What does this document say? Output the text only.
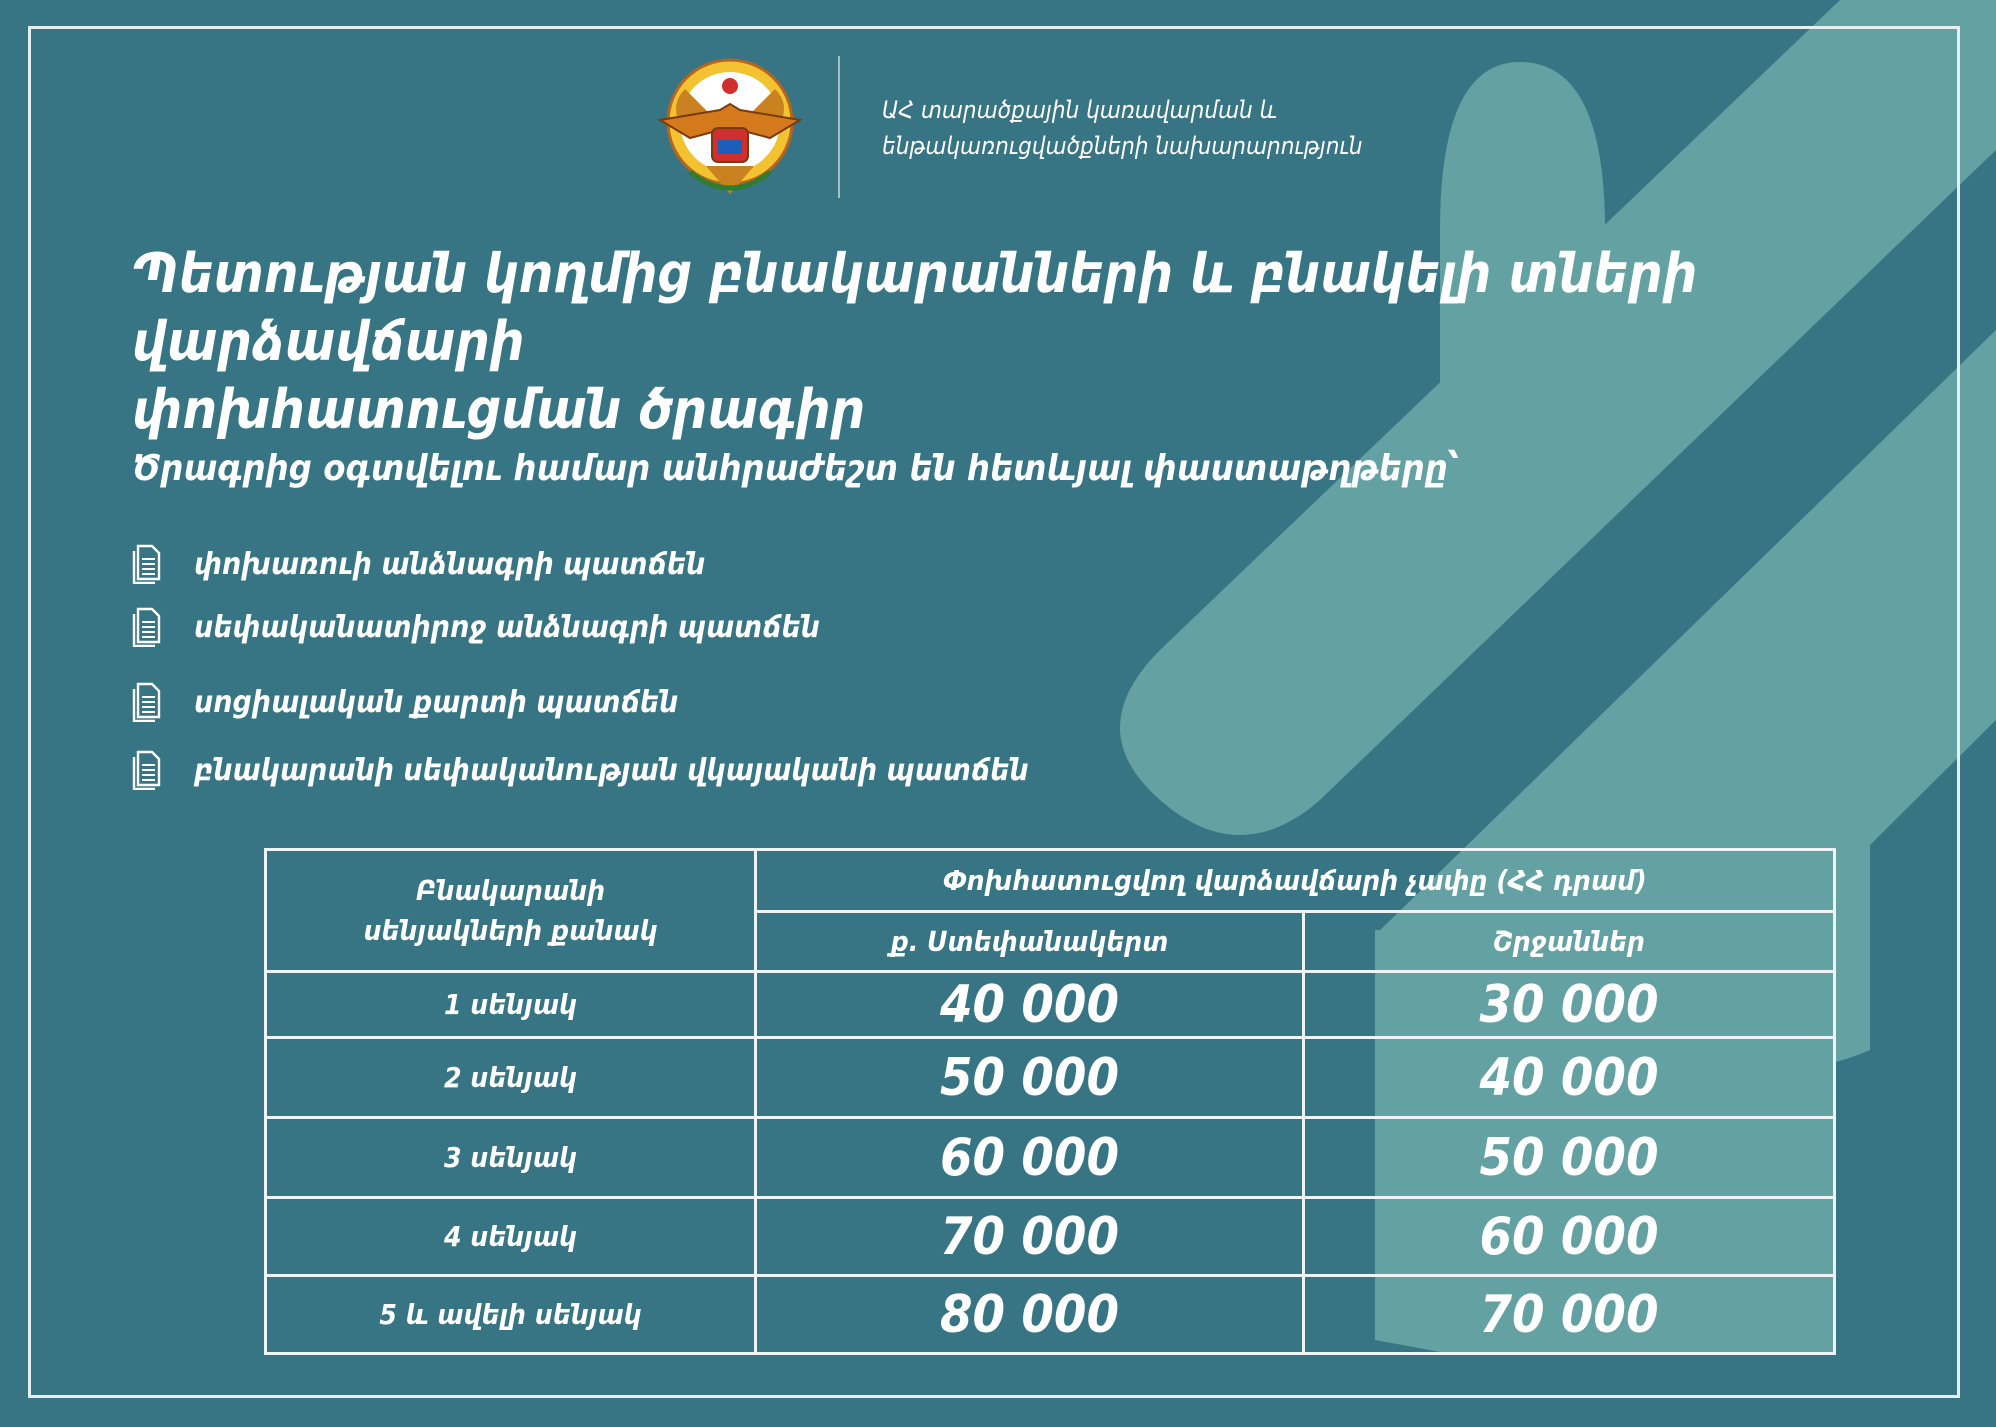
ԱՀ տարածքային կառավարման և
ենթակառուցվածքների նախարարություն
Պետության կողմից բնակարանների և բնակելի տների վարձավճարի
փոխհատուցման ծրագիր
Ծրագրից օգտվելու համար անհրաժեշտ են հետևյալ փաստաթղթերը՝
փոխառուի անձնագրի պատճեն
սեփականատիրոջ անձնագրի պատճեն
սոցիալական քարտի պատճեն
բնակարանի սեփականության վկայականի պատճեն
Բնակարանի սենյակների քանակ	Փոխհատուցվող վարձավճարի չափը (ՀՀ դրամ)	
	ք. Ստեփանակերտ	Շրջաններ
1 սենյակ	40 000	30 000
2 սենյակ	50 000	40 000
3 սենյակ	60 000	50 000
4 սենյակ	70 000	60 000
5 և ավելի սենյակ	80 000	70 000
